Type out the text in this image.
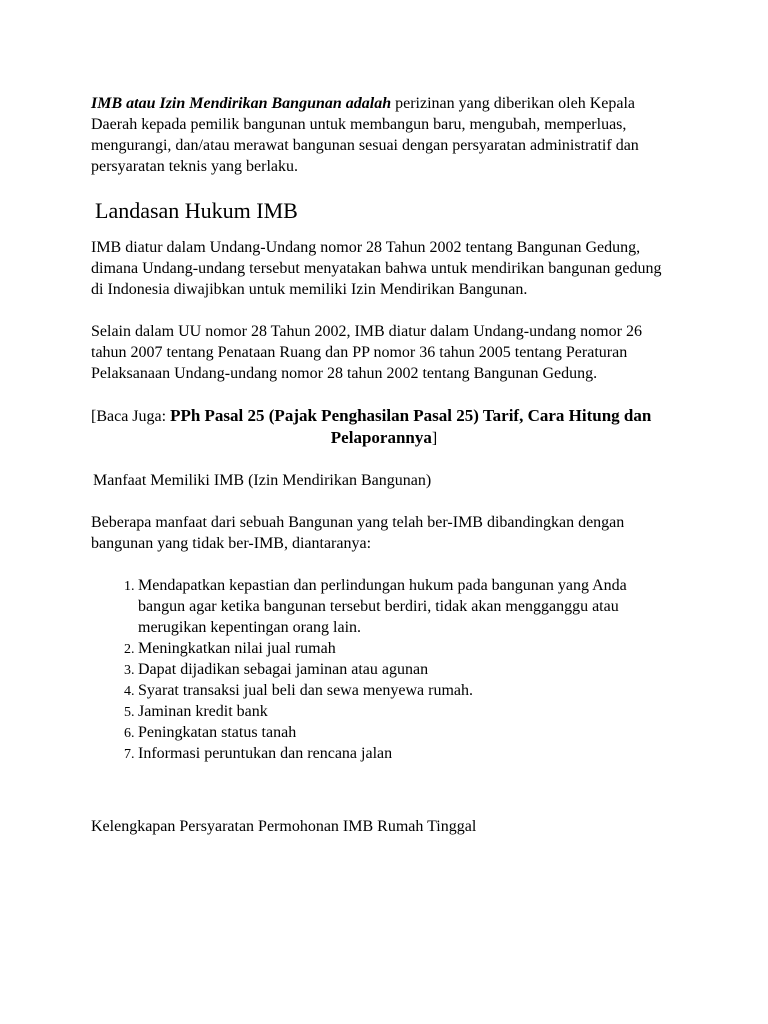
IMB atau Izin Mendirikan Bangunan adalah perizinan yang diberikan oleh Kepala Daerah kepada pemilik bangunan untuk membangun baru, mengubah, memperluas, mengurangi, dan/atau merawat bangunan sesuai dengan persyaratan administratif dan persyaratan teknis yang berlaku.

Landasan Hukum IMB

IMB diatur dalam Undang-Undang nomor 28 Tahun 2002 tentang Bangunan Gedung, dimana Undang-undang tersebut menyatakan bahwa untuk mendirikan bangunan gedung di Indonesia diwajibkan untuk memiliki Izin Mendirikan Bangunan.

Selain dalam UU nomor 28 Tahun 2002, IMB diatur dalam Undang-undang nomor 26 tahun 2007 tentang Penataan Ruang dan PP nomor 36 tahun 2005 tentang Peraturan Pelaksanaan Undang-undang nomor 28 tahun 2002 tentang Bangunan Gedung.

[Baca Juga: PPh Pasal 25 (Pajak Penghasilan Pasal 25) Tarif, Cara Hitung dan
Pelaporannya]

Manfaat Memiliki IMB (Izin Mendirikan Bangunan)

Beberapa manfaat dari sebuah Bangunan yang telah ber-IMB dibandingkan dengan bangunan yang tidak ber-IMB, diantaranya:

1. Mendapatkan kepastian dan perlindungan hukum pada bangunan yang Anda bangun agar ketika bangunan tersebut berdiri, tidak akan mengganggu atau merugikan kepentingan orang lain.
2. Meningkatkan nilai jual rumah
3. Dapat dijadikan sebagai jaminan atau agunan
4. Syarat transaksi jual beli dan sewa menyewa rumah.
5. Jaminan kredit bank
6. Peningkatan status tanah
7. Informasi peruntukan dan rencana jalan

Kelengkapan Persyaratan Permohonan IMB Rumah Tinggal
